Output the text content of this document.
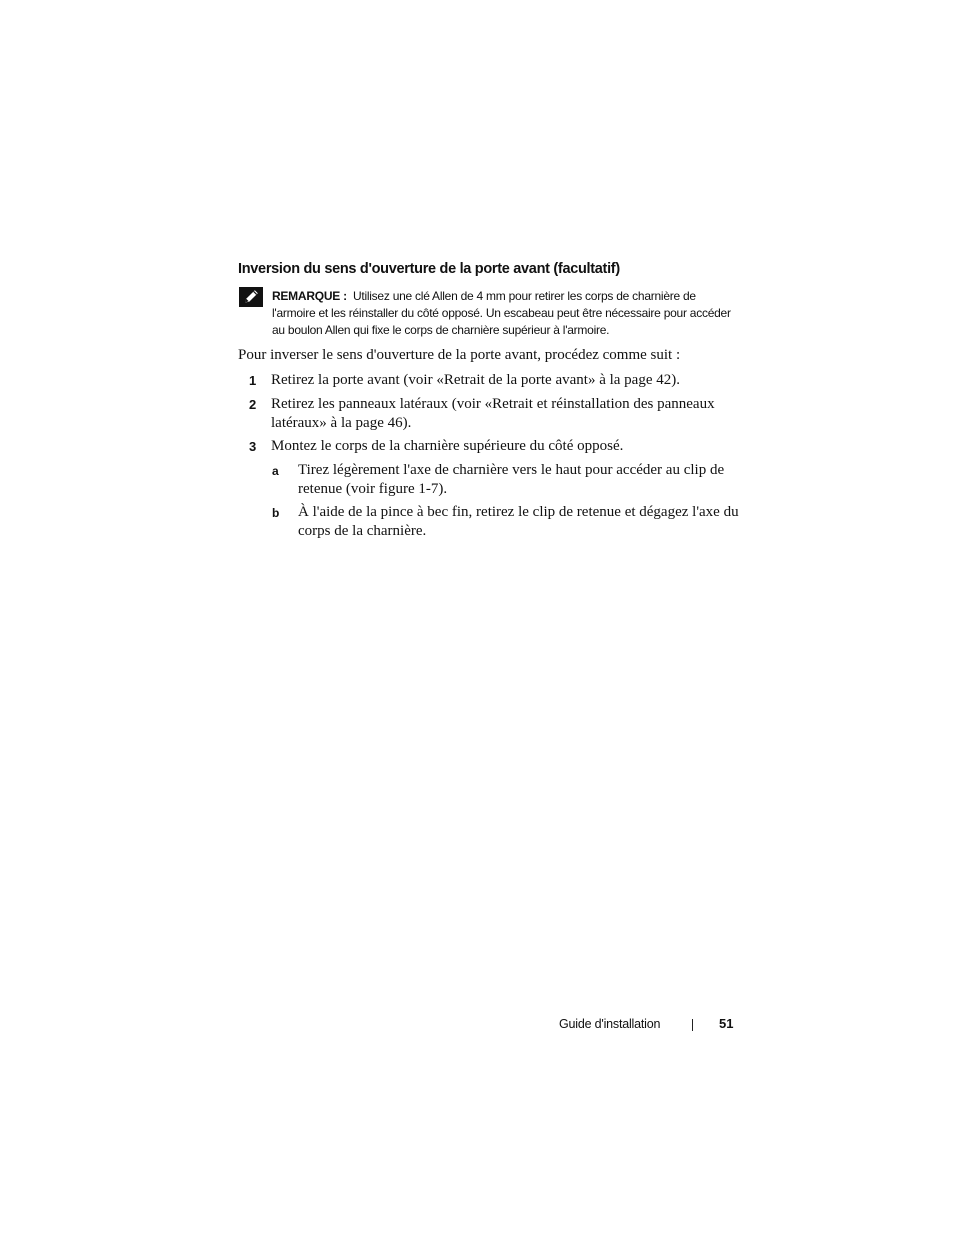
Inversion du sens d'ouverture de la porte avant (facultatif)

REMARQUE : Utilisez une clé Allen de 4 mm pour retirer les corps de charnière de l'armoire et les réinstaller du côté opposé. Un escabeau peut être nécessaire pour accéder au boulon Allen qui fixe le corps de charnière supérieur à l'armoire.

Pour inverser le sens d'ouverture de la porte avant, procédez comme suit :

1 Retirez la porte avant (voir «Retrait de la porte avant» à la page 42).
2 Retirez les panneaux latéraux (voir «Retrait et réinstallation des panneaux latéraux» à la page 46).
3 Montez le corps de la charnière supérieure du côté opposé.
a Tirez légèrement l'axe de charnière vers le haut pour accéder au clip de retenue (voir figure 1-7).
b À l'aide de la pince à bec fin, retirez le clip de retenue et dégagez l'axe du corps de la charnière.
Guide d'installation	51
